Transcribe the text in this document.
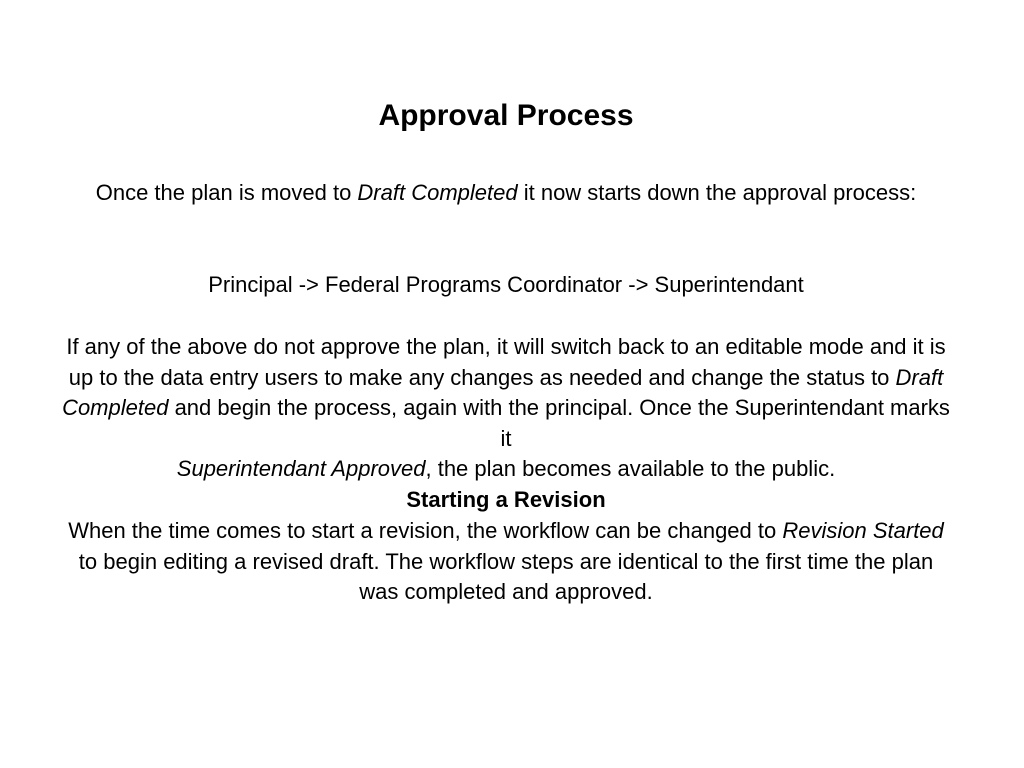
Approval Process

Once the plan is moved to Draft Completed it now starts down the approval process:

Principal -> Federal Programs Coordinator -> Superintendant

If any of the above do not approve the plan, it will switch back to an editable mode and it is up to the data entry users to make any changes as needed and change the status to Draft Completed and begin the process, again with the principal. Once the Superintendant marks it
Superintendant Approved, the plan becomes available to the public.

Starting a Revision

When the time comes to start a revision, the workflow can be changed to Revision Started to begin editing a revised draft. The workflow steps are identical to the first time the plan was completed and approved.
